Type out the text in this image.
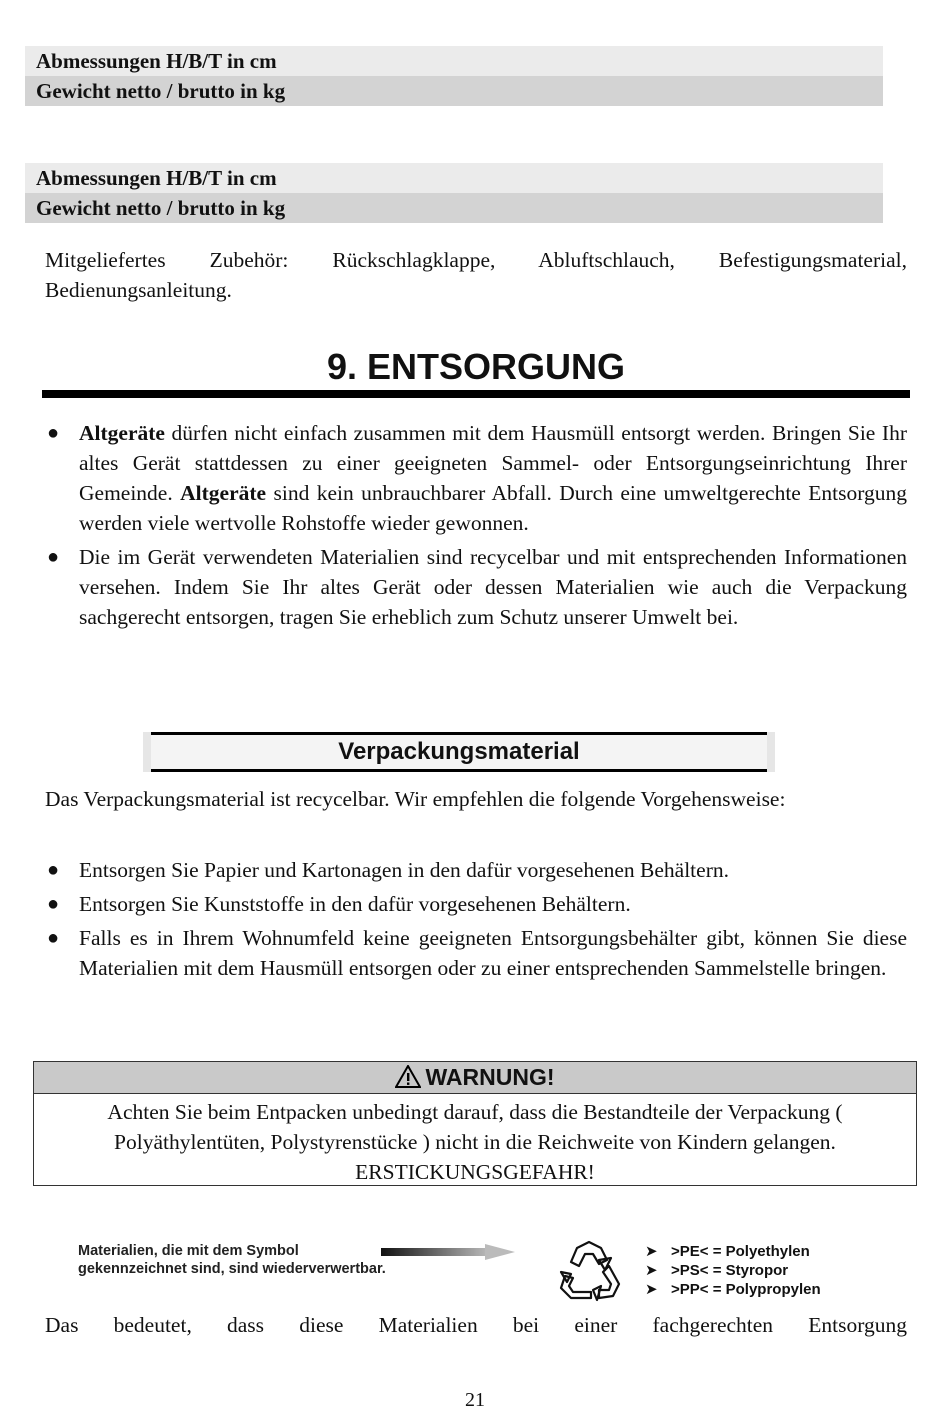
Abmessungen H/B/T in cm
Gewicht netto / brutto in kg
Abmessungen H/B/T in cm
Gewicht netto / brutto in kg
Mitgeliefertes Zubehör: Rückschlagklappe, Abluftschlauch, Befestigungsmaterial, Bedienungsanleitung.
9. ENTSORGUNG
● Altgeräte dürfen nicht einfach zusammen mit dem Hausmüll entsorgt werden. Bringen Sie Ihr altes Gerät stattdessen zu einer geeigneten Sammel- oder Entsorgungseinrichtung Ihrer Gemeinde. Altgeräte sind kein unbrauchbarer Abfall. Durch eine umweltgerechte Entsorgung werden viele wertvolle Rohstoffe wieder gewonnen.
● Die im Gerät verwendeten Materialien sind recycelbar und mit entsprechenden Informationen versehen. Indem Sie Ihr altes Gerät oder dessen Materialien wie auch die Verpackung sachgerecht entsorgen, tragen Sie erheblich zum Schutz unserer Umwelt bei.
Verpackungsmaterial
Das Verpackungsmaterial ist recycelbar. Wir empfehlen die folgende Vorgehensweise:
● Entsorgen Sie Papier und Kartonagen in den dafür vorgesehenen Behältern.
● Entsorgen Sie Kunststoffe in den dafür vorgesehenen Behältern.
● Falls es in Ihrem Wohnumfeld keine geeigneten Entsorgungsbehälter gibt, können Sie diese Materialien mit dem Hausmüll entsorgen oder zu einer entsprechenden Sammelstelle bringen.
WARNUNG!
Achten Sie beim Entpacken unbedingt darauf, dass die Bestandteile der Verpackung ( Polyäthylentüten, Polystyrenstücke ) nicht in die Reichweite von Kindern gelangen. ERSTICKUNGSGEFAHR!
Materialien, die mit dem Symbol
gekennzeichnet sind, sind wiederverwertbar.
➤ >PE< = Polyethylen
➤ >PS< = Styropor
➤ >PP< = Polypropylen
Das bedeutet, dass diese Materialien bei einer fachgerechten Entsorgung
21
